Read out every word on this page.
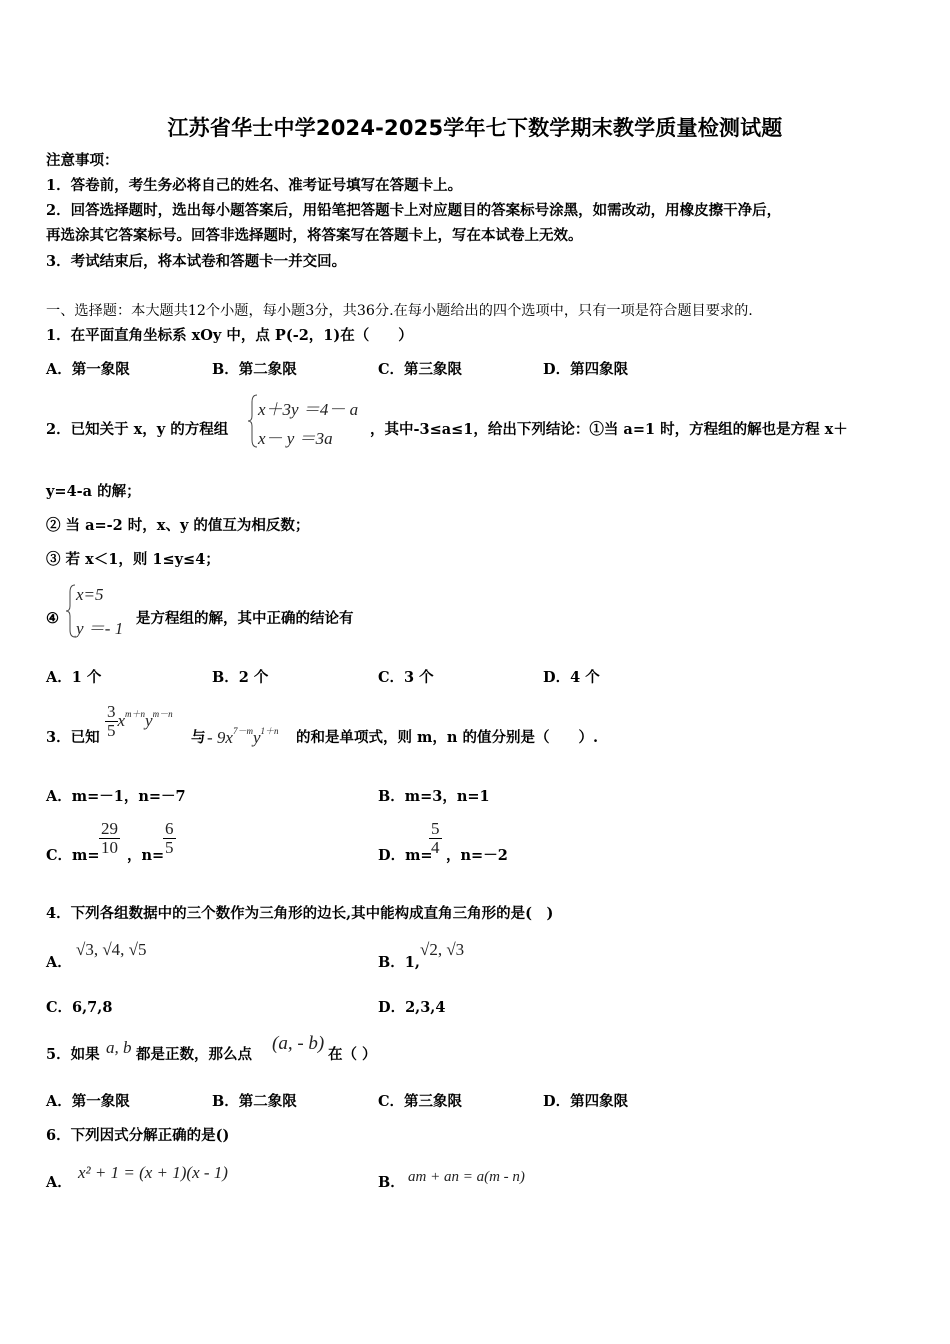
江苏省华士中学2024-2025学年七下数学期末教学质量检测试题
注意事项：
1．答卷前，考生务必将自己的姓名、准考证号填写在答题卡上。
2．回答选择题时，选出每小题答案后，用铅笔把答题卡上对应题目的答案标号涂黑，如需改动，用橡皮擦干净后，
再选涂其它答案标号。回答非选择题时，将答案写在答题卡上，写在本试卷上无效。
3．考试结束后，将本试卷和答题卡一并交回。
一、选择题：本大题共12个小题，每小题3分，共36分.在每小题给出的四个选项中，只有一项是符合题目要求的.
1．在平面直角坐标系 xOy 中，点 P(-2，1)在（　　）
A．第一象限	B．第二象限	C．第三象限	D．第四象限
2．已知关于 x，y 的方程组
x＋3y ＝4－ a
x－ y ＝3a	，其中-3≤a≤1，给出下列结论：①当 a=1 时，方程组的解也是方程 x＋
y=4-a 的解；
② 当 a=-2 时，x、y 的值互为相反数；
③ 若 x＜1，则 1≤y≤4；
④
x=5
y ＝- 1
是方程组的解，其中正确的结论有
A．1 个	B．2 个	C．3 个	D．4 个
3．已知 $\frac{3}{5} x^{m+n}y^{m-n}$
与 - $9x^{7-m}y^{1+n}$ 的和是单项式，则 m，n 的值分别是（　　）.
A．m=－1，n=－7	B．m=3，n=1
C．$m= \frac{29}{10}$ ，n=
$\frac{6}{5}$	D．m=
$\frac{5}{4}$ ，n=－2
4．下列各组数据中的三个数作为三角形的边长,其中能构成直角三角形的是(　)
A．
√3, √4, √5
B．1,
√2, √3
C．6,7,8	D．2,3,4
5．如果 a, b 都是正数，那么点
(a, - b)
在（ ）
A．第一象限	B．第二象限	C．第三象限	D．第四象限
6．下列因式分解正确的是()
A．
x² + 1 = (x + 1)(x - 1)
B． am + an = a(m - n)
